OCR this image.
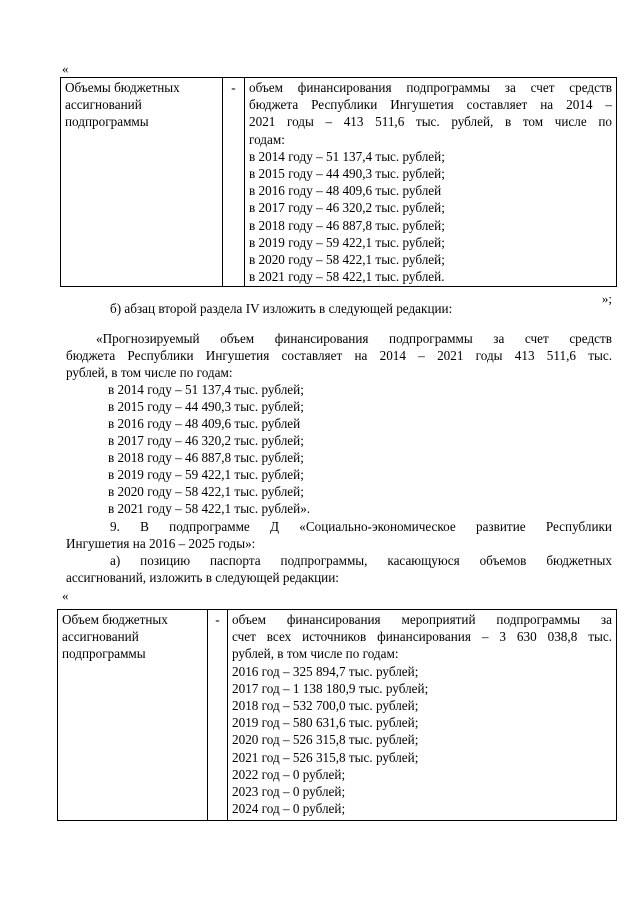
«
Объемы бюджетных
ассигнований
подпрограммы
	-	объем финансирования подпрограммы за счет средств
бюджета Республики Ингушетия составляет на 2014 –
2021 годы – 413 511,6 тыс. рублей, в том числе по
годам:
в 2014 году – 51 137,4 тыс. рублей;
в 2015 году – 44 490,3 тыс. рублей;
в 2016 году – 48 409,6 тыс. рублей
в 2017 году – 46 320,2 тыс. рублей;
в 2018 году – 46 887,8 тыс. рублей;
в 2019 году – 59 422,1 тыс. рублей;
в 2020 году – 58 422,1 тыс. рублей;
в 2021 году – 58 422,1 тыс. рублей.
»;
б) абзац второй раздела IV изложить в следующей редакции:
«Прогнозируемый объем финансирования подпрограммы за счет средств
бюджета Республики Ингушетия составляет на 2014 – 2021 годы 413 511,6 тыс.
рублей, в том числе по годам:
в 2014 году – 51 137,4 тыс. рублей;
в 2015 году – 44 490,3 тыс. рублей;
в 2016 году – 48 409,6 тыс. рублей
в 2017 году – 46 320,2 тыс. рублей;
в 2018 году – 46 887,8 тыс. рублей;
в 2019 году – 59 422,1 тыс. рублей;
в 2020 году – 58 422,1 тыс. рублей;
в 2021 году – 58 422,1 тыс. рублей».
9. В подпрограмме Д «Социально-экономическое развитие Республики
Ингушетия на 2016 – 2025 годы»:
а) позицию паспорта подпрограммы, касающуюся объемов бюджетных
ассигнований, изложить в следующей редакции:
«
Объем бюджетных
ассигнований
подпрограммы
	-	объем финансирования мероприятий подпрограммы за
счет всех источников финансирования – 3 630 038,8 тыс.
рублей, в том числе по годам:
2016 год – 325 894,7 тыс. рублей;
2017 год – 1 138 180,9 тыс. рублей;
2018 год – 532 700,0 тыс. рублей;
2019 год – 580 631,6 тыс. рублей;
2020 год – 526 315,8 тыс. рублей;
2021 год – 526 315,8 тыс. рублей;
2022 год – 0 рублей;
2023 год – 0 рублей;
2024 год – 0 рублей;
